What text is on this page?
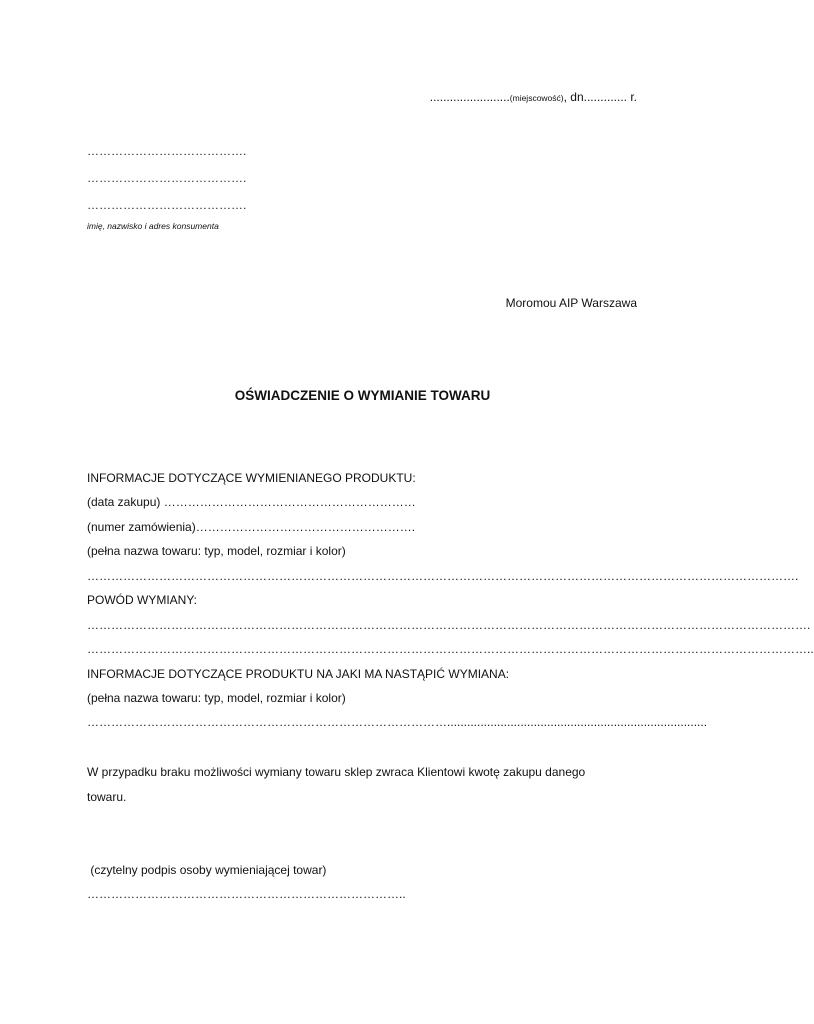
........................(miejscowość), dn............. r.
………………………………….
………………………………….
………………………………….
imię, nazwisko i adres konsumenta
Moromou AIP Warszawa
OŚWIADCZENIE O WYMIANIE TOWARU
INFORMACJE DOTYCZĄCE WYMIENIANEGO PRODUKTU:
(data zakupu) ………………………………………………………
(numer zamówienia)……………………………………………….
(pełna nazwa towaru: typ, model, rozmiar i kolor)
…………………………………………………………………………………………………………………………………………………………….
POWÓD WYMIANY:
……………………………………………………………………………………………………………………………………………………………….
………………………………………………………………………………………………………………………………………………………………..
INFORMACJE DOTYCZĄCE PRODUKTU NA JAKI MA NASTĄPIĆ WYMIANA:
(pełna nazwa towaru: typ, model, rozmiar i kolor)
………………………………………………………………………………..............................................................................
W przypadku braku możliwości wymiany towaru sklep zwraca Klientowi kwotę zakupu danego
towaru.
(czytelny podpis osoby wymieniającej towar)
……………………………………………………………………..
